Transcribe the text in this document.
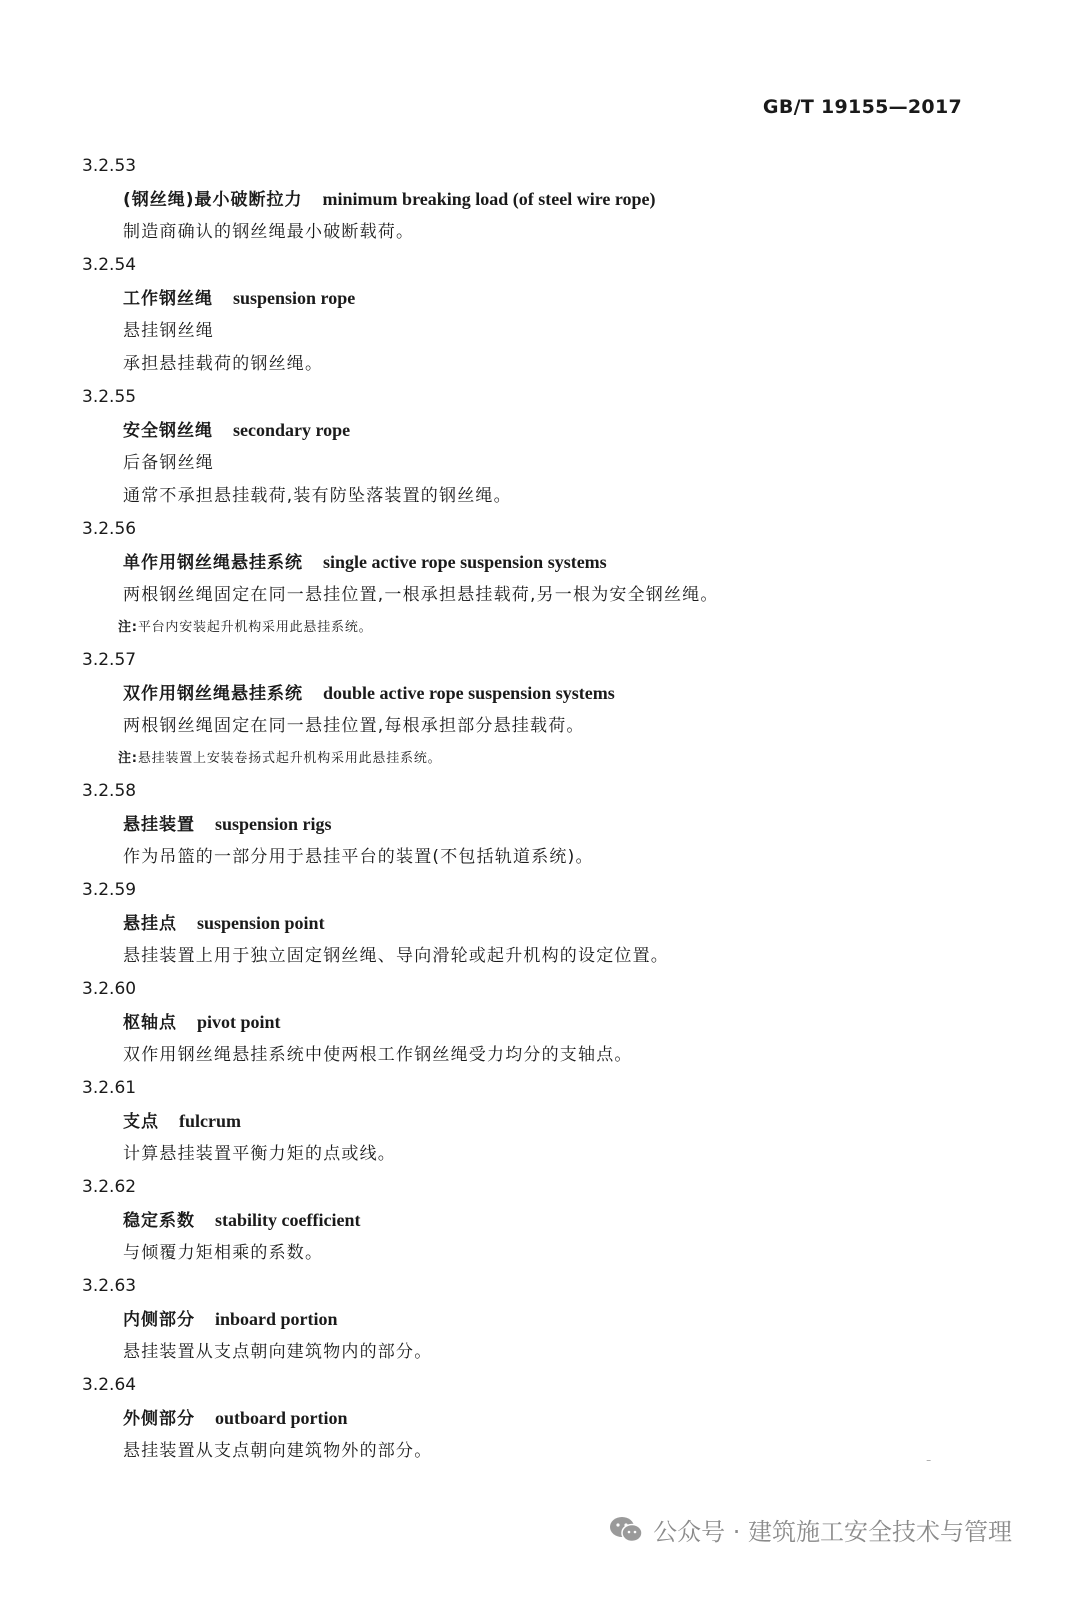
GB/T 19155—2017
3.2.53
(钢丝绳)最小破断拉力 minimum breaking load (of steel wire rope)
制造商确认的钢丝绳最小破断载荷。
3.2.54
工作钢丝绳 suspension rope
悬挂钢丝绳
承担悬挂载荷的钢丝绳。
3.2.55
安全钢丝绳 secondary rope
后备钢丝绳
通常不承担悬挂载荷,装有防坠落装置的钢丝绳。
3.2.56
单作用钢丝绳悬挂系统 single active rope suspension systems
两根钢丝绳固定在同一悬挂位置,一根承担悬挂载荷,另一根为安全钢丝绳。
注:平台内安装起升机构采用此悬挂系统。
3.2.57
双作用钢丝绳悬挂系统 double active rope suspension systems
两根钢丝绳固定在同一悬挂位置,每根承担部分悬挂载荷。
注:悬挂装置上安装卷扬式起升机构采用此悬挂系统。
3.2.58
悬挂装置 suspension rigs
作为吊篮的一部分用于悬挂平台的装置(不包括轨道系统)。
3.2.59
悬挂点 suspension point
悬挂装置上用于独立固定钢丝绳、导向滑轮或起升机构的设定位置。
3.2.60
枢轴点 pivot point
双作用钢丝绳悬挂系统中使两根工作钢丝绳受力均分的支轴点。
3.2.61
支点 fulcrum
计算悬挂装置平衡力矩的点或线。
3.2.62
稳定系数 stability coefficient
与倾覆力矩相乘的系数。
3.2.63
内侧部分 inboard portion
悬挂装置从支点朝向建筑物内的部分。
3.2.64
外侧部分 outboard portion
悬挂装置从支点朝向建筑物外的部分。
⁻
公众号 · 建筑施工安全技术与管理
